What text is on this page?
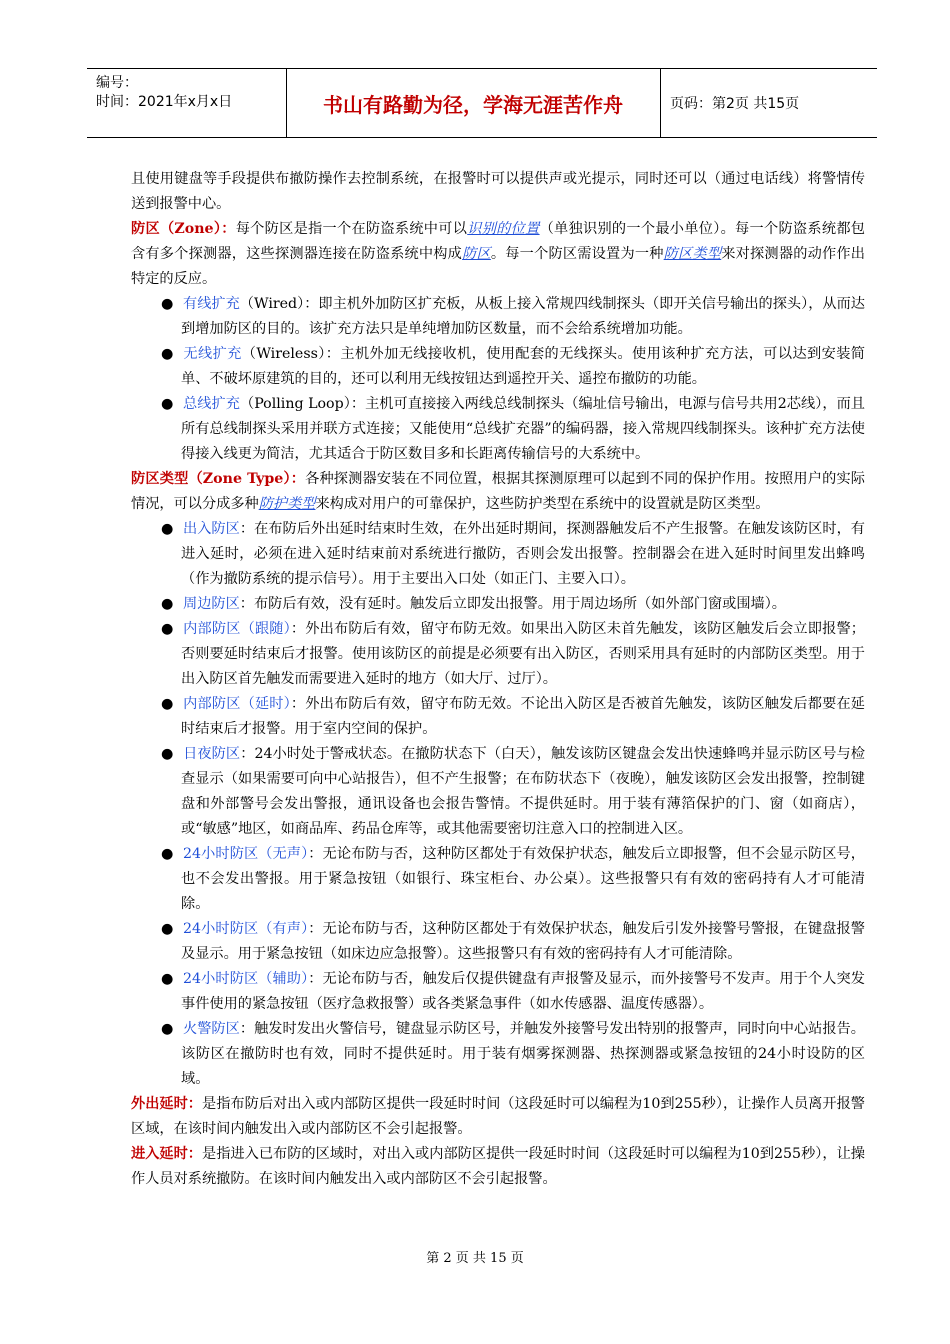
编号：
时间：2021年x月x日	书山有路勤为径，学海无涯苦作舟	页码：第2页 共15页

且使用键盘等手段提供布撤防操作去控制系统，在报警时可以提供声或光提示，同时还可以（通过电话线）将警情传送到报警中心。

防区（Zone）：每个防区是指一个在防盗系统中可以识别的位置（单独识别的一个最小单位）。每一个防盗系统都包含有多个探测器，这些探测器连接在防盗系统中构成防区。每一个防区需设置为一种防区类型来对探测器的动作作出特定的反应。

● 有线扩充（Wired）：即主机外加防区扩充板，从板上接入常规四线制探头（即开关信号输出的探头），从而达到增加防区的目的。该扩充方法只是单纯增加防区数量，而不会给系统增加功能。

● 无线扩充（Wireless）：主机外加无线接收机，使用配套的无线探头。使用该种扩充方法，可以达到安装简单、不破坏原建筑的目的，还可以利用无线按钮达到遥控开关、遥控布撤防的功能。

● 总线扩充（Polling Loop）：主机可直接接入两线总线制探头（编址信号输出，电源与信号共用2芯线），而且所有总线制探头采用并联方式连接；又能使用“总线扩充器”的编码器，接入常规四线制探头。该种扩充方法使得接入线更为简洁，尤其适合于防区数目多和长距离传输信号的大系统中。

防区类型（Zone Type）：各种探测器安装在不同位置，根据其探测原理可以起到不同的保护作用。按照用户的实际情况，可以分成多种防护类型来构成对用户的可靠保护，这些防护类型在系统中的设置就是防区类型。

● 出入防区：在布防后外出延时结束时生效，在外出延时期间，探测器触发后不产生报警。在触发该防区时，有进入延时，必须在进入延时结束前对系统进行撤防，否则会发出报警。控制器会在进入延时时间里发出蜂鸣（作为撤防系统的提示信号）。用于主要出入口处（如正门、主要入口）。

● 周边防区：布防后有效，没有延时。触发后立即发出报警。用于周边场所（如外部门窗或围墙）。

● 内部防区（跟随）：外出布防后有效，留守布防无效。如果出入防区未首先触发，该防区触发后会立即报警；否则要延时结束后才报警。使用该防区的前提是必须要有出入防区，否则采用具有延时的内部防区类型。用于出入防区首先触发而需要进入延时的地方（如大厅、过厅）。

● 内部防区（延时）：外出布防后有效，留守布防无效。不论出入防区是否被首先触发，该防区触发后都要在延时结束后才报警。用于室内空间的保护。

● 日夜防区：24小时处于警戒状态。在撤防状态下（白天），触发该防区键盘会发出快速蜂鸣并显示防区号与检查显示（如果需要可向中心站报告），但不产生报警；在布防状态下（夜晚），触发该防区会发出报警，控制键盘和外部警号会发出警报，通讯设备也会报告警情。不提供延时。用于装有薄箔保护的门、窗（如商店），或“敏感”地区，如商品库、药品仓库等，或其他需要密切注意入口的控制进入区。

● 24小时防区（无声）：无论布防与否，这种防区都处于有效保护状态，触发后立即报警，但不会显示防区号，也不会发出警报。用于紧急按钮（如银行、珠宝柜台、办公桌）。这些报警只有有效的密码持有人才可能清除。

● 24小时防区（有声）：无论布防与否，这种防区都处于有效保护状态，触发后引发外接警号警报，在键盘报警及显示。用于紧急按钮（如床边应急报警）。这些报警只有有效的密码持有人才可能清除。

● 24小时防区（辅助）：无论布防与否，触发后仅提供键盘有声报警及显示，而外接警号不发声。用于个人突发事件使用的紧急按钮（医疗急救报警）或各类紧急事件（如水传感器、温度传感器）。

● 火警防区：触发时发出火警信号，键盘显示防区号，并触发外接警号发出特别的报警声，同时向中心站报告。该防区在撤防时也有效，同时不提供延时。用于装有烟雾探测器、热探测器或紧急按钮的24小时设防的区域。

外出延时：是指布防后对出入或内部防区提供一段延时时间（这段延时可以编程为10到255秒），让操作人员离开报警区域，在该时间内触发出入或内部防区不会引起报警。

进入延时：是指进入已布防的区域时，对出入或内部防区提供一段延时时间（这段延时可以编程为10到255秒），让操作人员对系统撤防。在该时间内触发出入或内部防区不会引起报警。

第 2 页 共 15 页
